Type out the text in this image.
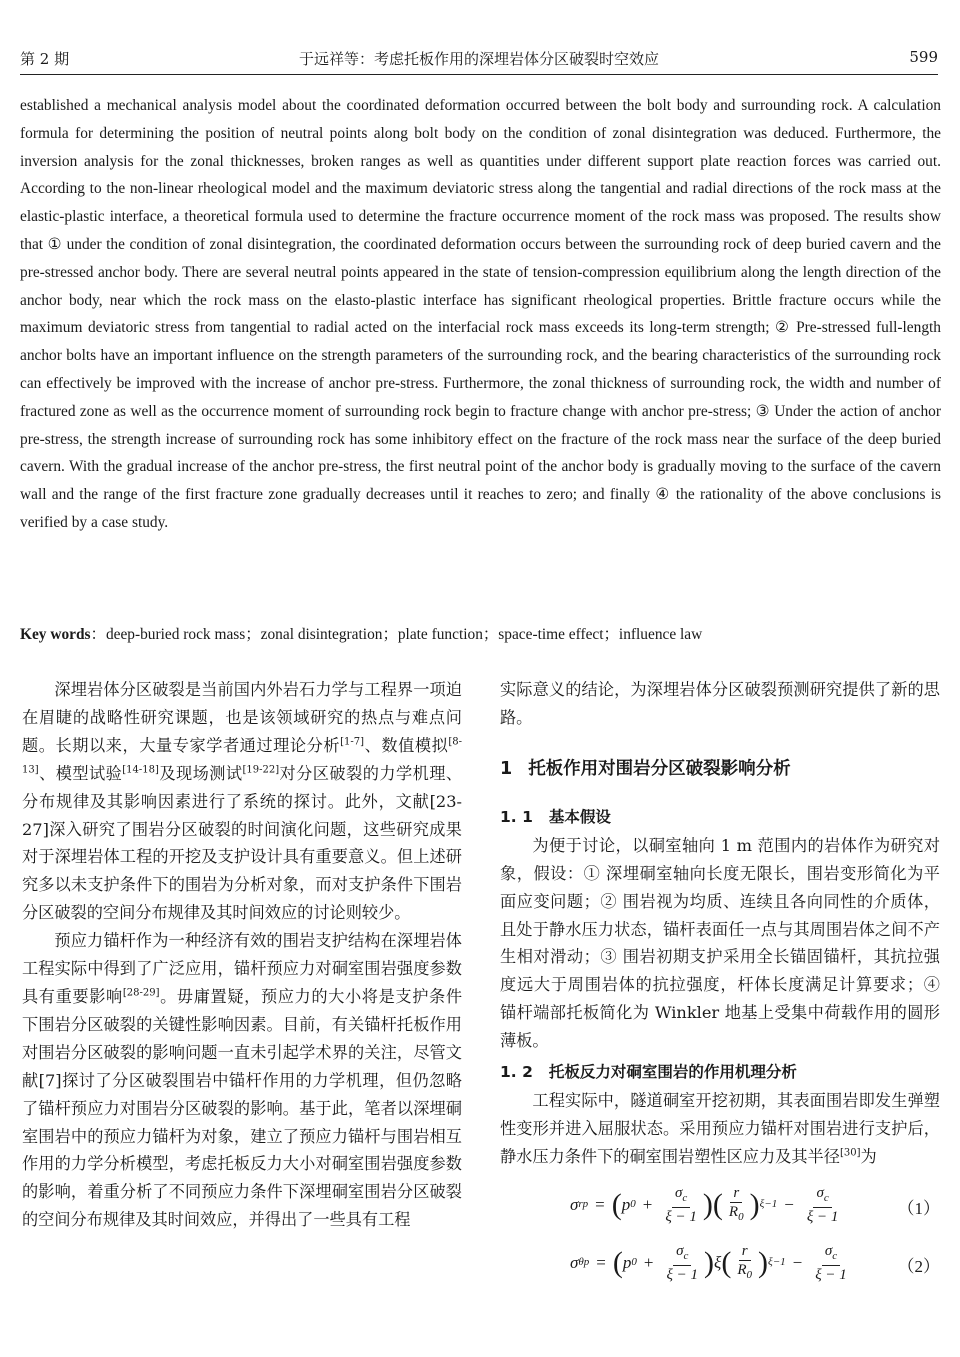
第 2 期	于远祥等：考虑托板作用的深埋岩体分区破裂时空效应	599

established a mechanical analysis model about the coordinated deformation occurred between the bolt body and surrounding rock. A calculation formula for determining the position of neutral points along bolt body on the condition of zonal disintegration was deduced. Furthermore, the inversion analysis for the zonal thicknesses, broken ranges as well as quantities under different support plate reaction forces was carried out. According to the non-linear rheological model and the maximum deviatoric stress along the tangential and radial directions of the rock mass at the elastic-plastic interface, a theoretical formula used to determine the fracture occurrence moment of the rock mass was proposed. The results show that ① under the condition of zonal disintegration, the coordinated deformation occurs between the surrounding rock of deep buried cavern and the pre-stressed anchor body. There are several neutral points appeared in the state of tension-compression equilibrium along the length direction of the anchor body, near which the rock mass on the elasto-plastic interface has significant rheological properties. Brittle fracture occurs while the maximum deviatoric stress from tangential to radial acted on the interfacial rock mass exceeds its long-term strength; ② Pre-stressed full-length anchor bolts have an important influence on the strength parameters of the surrounding rock, and the bearing characteristics of the surrounding rock can effectively be improved with the increase of anchor pre-stress. Furthermore, the zonal thickness of surrounding rock, the width and number of fractured zone as well as the occurrence moment of surrounding rock begin to fracture change with anchor pre-stress; ③ Under the action of anchor pre-stress, the strength increase of surrounding rock has some inhibitory effect on the fracture of the rock mass near the surface of the deep buried cavern. With the gradual increase of the anchor pre-stress, the first neutral point of the anchor body is gradually moving to the surface of the cavern wall and the range of the first fracture zone gradually decreases until it reaches to zero; and finally ④ the rationality of the above conclusions is verified by a case study.

Key words：deep-buried rock mass；zonal disintegration；plate function；space-time effect；influence law

深埋岩体分区破裂是当前国内外岩石力学与工程界一项迫在眉睫的战略性研究课题，也是该领域研究的热点与难点问题。长期以来，大量专家学者通过理论分析[1-7]、数值模拟[8-13]、模型试验[14-18]及现场测试[19-22]对分区破裂的力学机理、分布规律及其影响因素进行了系统的探讨。此外，文献[23-27]深入研究了围岩分区破裂的时间演化问题，这些研究成果对于深埋岩体工程的开挖及支护设计具有重要意义。但上述研究多以未支护条件下的围岩为分析对象，而对支护条件下围岩分区破裂的空间分布规律及其时间效应的讨论则较少。

预应力锚杆作为一种经济有效的围岩支护结构在深埋岩体工程实际中得到了广泛应用，锚杆预应力对硐室围岩强度参数具有重要影响[28-29]。毋庸置疑，预应力的大小将是支护条件下围岩分区破裂的关键性影响因素。目前，有关锚杆托板作用对围岩分区破裂的影响问题一直未引起学术界的关注，尽管文献[7]探讨了分区破裂围岩中锚杆作用的力学机理，但仍忽略了锚杆预应力对围岩分区破裂的影响。基于此，笔者以深埋硐室围岩中的预应力锚杆为对象，建立了预应力锚杆与围岩相互作用的力学分析模型，考虑托板反力大小对硐室围岩强度参数的影响，着重分析了不同预应力条件下深埋硐室围岩分区破裂的空间分布规律及其时间效应，并得出了一些具有工程

实际意义的结论，为深埋岩体分区破裂预测研究提供了新的思路。

1 托板作用对围岩分区破裂影响分析
1. 1 基本假设

为便于讨论，以硐室轴向 1 m 范围内的岩体作为研究对象，假设：① 深埋硐室轴向长度无限长，围岩变形简化为平面应变问题；② 围岩视为均质、连续且各向同性的介质体，且处于静水压力状态，锚杆表面任一点与其周围岩体之间不产生相对滑动；③ 围岩初期支护采用全长锚固锚杆，其抗拉强度远大于周围岩体的抗拉强度，杆体长度满足计算要求；④ 锚杆端部托板简化为 Winkler 地基上受集中荷载作用的圆形薄板。

1. 2 托板反力对硐室围岩的作用机理分析

工程实际中，隧道硐室开挖初期，其表面围岩即发生弹塑性变形并进入屈服状态。采用预应力锚杆对围岩进行支护后，静水压力条件下的硐室围岩塑性区应力及其半径[30]为

σ r p = ( p $0 + \frac{\sigma_c}{\xi - 1}$ ) ( $\frac{r}{R_0}$ ) $\xi-1 - \frac{\sigma_c}{\xi - 1}$	（1）
σ θ p = ( p $0 + \frac{\sigma_c}{\xi - 1}$ ) ξ ( $\frac{r}{R_0}$ ) $\xi-1 - \frac{\sigma_c}{\xi - 1}$	（2）
